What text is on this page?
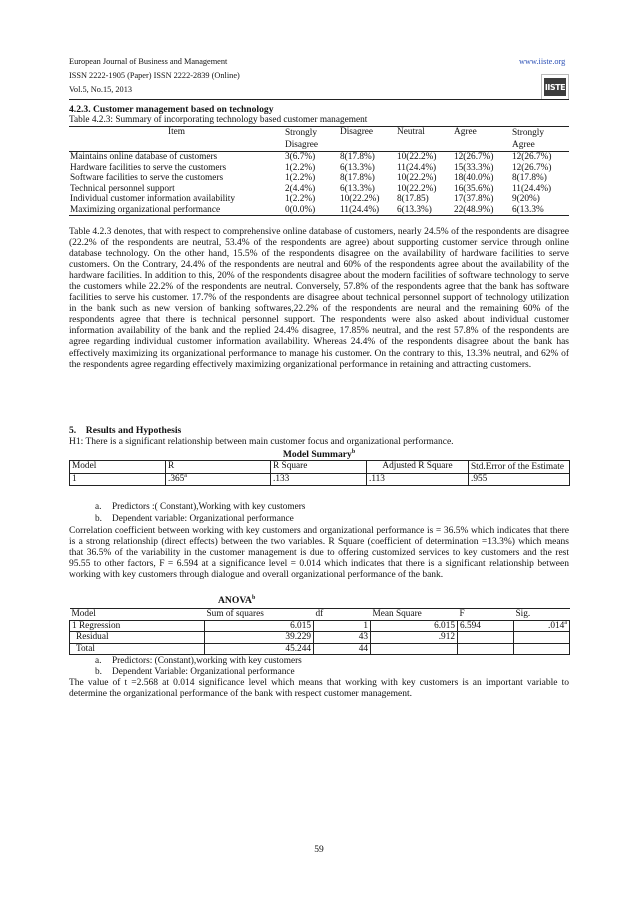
European Journal of Business and Management
ISSN 2222-1905 (Paper) ISSN 2222-2839 (Online)
Vol.5, No.15, 2013
www.iiste.org
IISTE
4.2.3. Customer management based on technology
Table 4.2.3: Summary of incorporating technology based customer management
Item	Strongly Disagree	Disagree	Neutral	Agree	Strongly Agree
Maintains online database of customers	3(6.7%)	8(17.8%)	10(22.2%)	12(26.7%)	12(26.7%)
Hardware facilities to serve the customers	1(2.2%)	6(13.3%)	11(24.4%)	15(33.3%)	12(26.7%)
Software facilities to serve the customers	1(2.2%)	8(17.8%)	10(22.2%)	18(40.0%)	8(17.8%)
Technical personnel support	2(4.4%)	6(13.3%)	10(22.2%)	16(35.6%)	11(24.4%)
Individual customer information availability	1(2.2%)	10(22.2%)	8(17.85)	17(37.8%)	9(20%)
Maximizing organizational performance	0(0.0%)	11(24.4%)	6(13.3%)	22(48.9%)	6(13.3%
Table 4.2.3 denotes, that with respect to comprehensive online database of customers, nearly 24.5% of the respondents are disagree (22.2% of the respondents are neutral, 53.4% of the respondents are agree) about supporting customer service through online database technology. On the other hand, 15.5% of the respondents disagree on the availability of hardware facilities to serve customers. On the Contrary, 24.4% of the respondents are neutral and 60% of the respondents agree about the availability of the hardware facilities. In addition to this, 20% of the respondents disagree about the modern facilities of software technology to serve the customers while 22.2% of the respondents are neutral. Conversely, 57.8% of the respondents agree that the bank has software facilities to serve his customer. 17.7% of the respondents are disagree about technical personnel support of technology utilization in the bank such as new version of banking softwares,22.2% of the respondents are neural and the remaining 60% of the respondents agree that there is technical personnel support. The respondents were also asked about individual customer information availability of the bank and the replied 24.4% disagree, 17.85% neutral, and the rest 57.8% of the respondents are agree regarding individual customer information availability. Whereas 24.4% of the respondents disagree about the bank has effectively maximizing its organizational performance to manage his customer. On the contrary to this, 13.3% neutral, and 62% of the respondents agree regarding effectively maximizing organizational performance in retaining and attracting customers.
5.    Results and Hypothesis
H1: There is a significant relationship between main customer focus and organizational performance.
Model Summary$^b$
Model	R	R Square	Adjusted R Square	Std.Error of the Estimate
1	.365$^a$	.133	.113	.955
a. Predictors :( Constant),Working with key customers
b. Dependent variable: Organizational performance
Correlation coefficient between working with key customers and organizational performance is = 36.5% which indicates that there is a strong relationship (direct effects) between the two variables. R Square (coefficient of determination =13.3%) which means that 36.5% of the variability in the customer management is due to offering customized services to key customers and the rest 95.55 to other factors, F = 6.594 at a significance level = 0.014 which indicates that there is a significant relationship between working with key customers through dialogue and overall organizational performance of the bank.
ANOVA$^b$
Model	Sum of squares	df	Mean Square	F	Sig.
1 Regression	6.015	1	6.015	6.594	.014$^a$
Residual	39.229	43	.912		
Total	45.244	44			
a. Predictors: (Constant),working with key customers
b. Dependent Variable: Organizational performance
The value of t =2.568 at 0.014 significance level which means that working with key customers is an important variable to determine the organizational performance of the bank with respect customer management.
59
